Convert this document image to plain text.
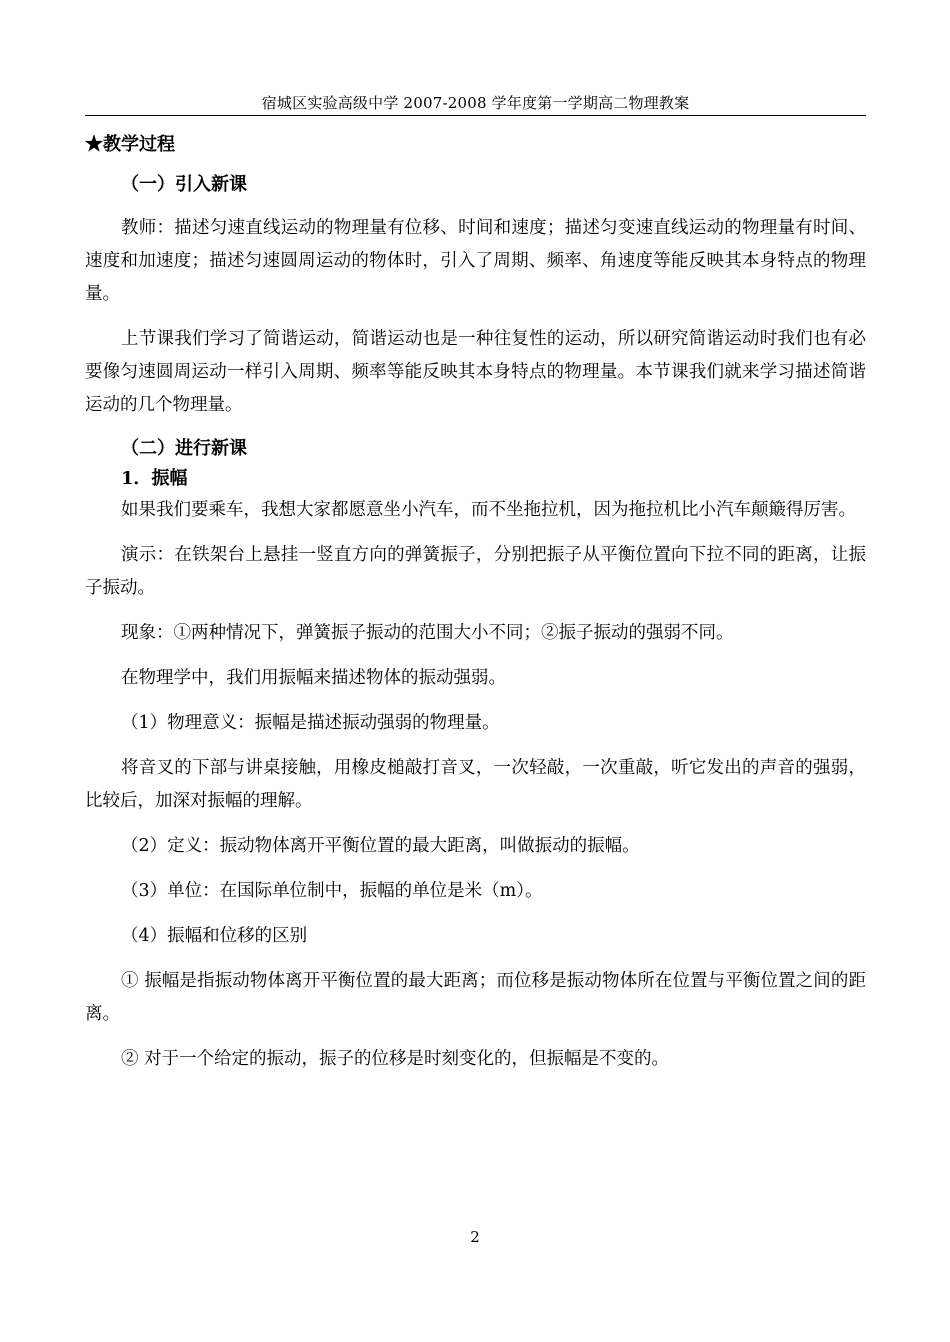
宿城区实验高级中学 2007-2008 学年度第一学期高二物理教案
★教学过程
（一）引入新课

教师：描述匀速直线运动的物理量有位移、时间和速度；描述匀变速直线运动的物理量有时间、速度和加速度；描述匀速圆周运动的物体时，引入了周期、频率、角速度等能反映其本身特点的物理量。

上节课我们学习了简谐运动，简谐运动也是一种往复性的运动，所以研究简谐运动时我们也有必要像匀速圆周运动一样引入周期、频率等能反映其本身特点的物理量。本节课我们就来学习描述简谐运动的几个物理量。

（二）进行新课
1．振幅

如果我们要乘车，我想大家都愿意坐小汽车，而不坐拖拉机，因为拖拉机比小汽车颠簸得厉害。

演示：在铁架台上悬挂一竖直方向的弹簧振子，分别把振子从平衡位置向下拉不同的距离，让振子振动。

现象：①两种情况下，弹簧振子振动的范围大小不同；②振子振动的强弱不同。

在物理学中，我们用振幅来描述物体的振动强弱。

（1）物理意义：振幅是描述振动强弱的物理量。

将音叉的下部与讲桌接触，用橡皮槌敲打音叉，一次轻敲，一次重敲，听它发出的声音的强弱，比较后，加深对振幅的理解。

（2）定义：振动物体离开平衡位置的最大距离，叫做振动的振幅。

（3）单位：在国际单位制中，振幅的单位是米（m）。

（4）振幅和位移的区别

① 振幅是指振动物体离开平衡位置的最大距离；而位移是振动物体所在位置与平衡位置之间的距离。

② 对于一个给定的振动，振子的位移是时刻变化的，但振幅是不变的。

2
